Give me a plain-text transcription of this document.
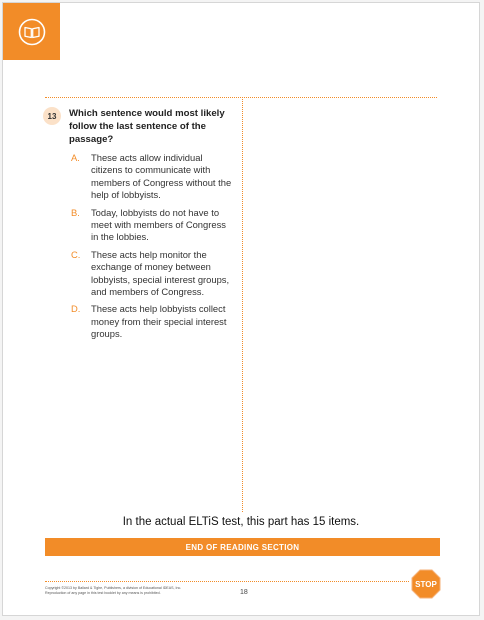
13	Which sentence would most likely follow the last sentence of the passage?
A.	These acts allow individual citizens to communicate with members of Congress without the help of lobbyists.
B.	Today, lobbyists do not have to meet with members of Congress in the lobbies.
C.	These acts help monitor the exchange of money between lobbyists, special interest groups, and members of Congress.
D.	These acts help lobbyists collect money from their special interest groups.
In the actual ELTiS test, this part has 15 items.
END OF READING SECTION
STOP
Copyright ©2013 by Ballard & Tighe, Publishers, a division of Educational IDEAS, Inc.
Reproduction of any page in this test booklet by any means is prohibited.	18
